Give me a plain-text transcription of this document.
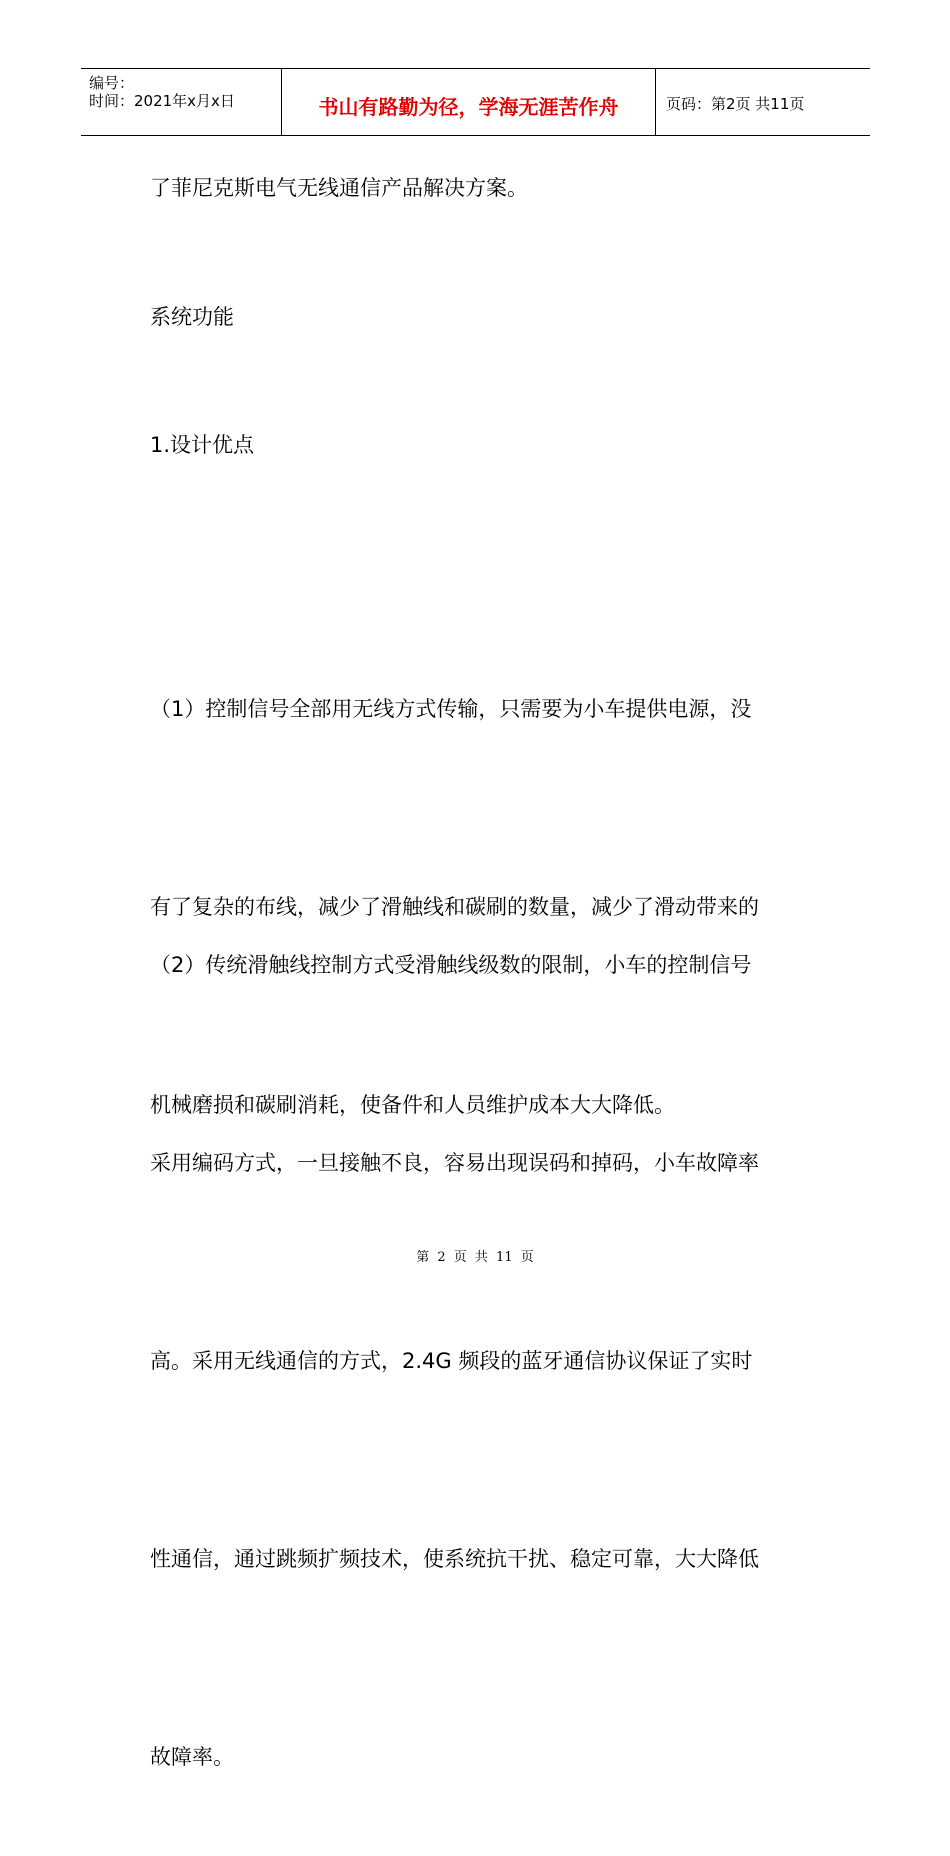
编号：
时间：2021年x月x日	书山有路勤为径，学海无涯苦作舟	页码：第2页 共11页

了菲尼克斯电气无线通信产品解决方案。

系统功能

1.设计优点

（1）控制信号全部用无线方式传输，只需要为小车提供电源，没

有了复杂的布线，减少了滑触线和碳刷的数量，减少了滑动带来的

机械磨损和碳刷消耗，使备件和人员维护成本大大降低。

（2）传统滑触线控制方式受滑触线级数的限制，小车的控制信号

采用编码方式，一旦接触不良，容易出现误码和掉码，小车故障率

高。采用无线通信的方式，2.4G 频段的蓝牙通信协议保证了实时

性通信，通过跳频扩频技术，使系统抗干扰、稳定可靠，大大降低

故障率。

第 2 页 共 11 页
